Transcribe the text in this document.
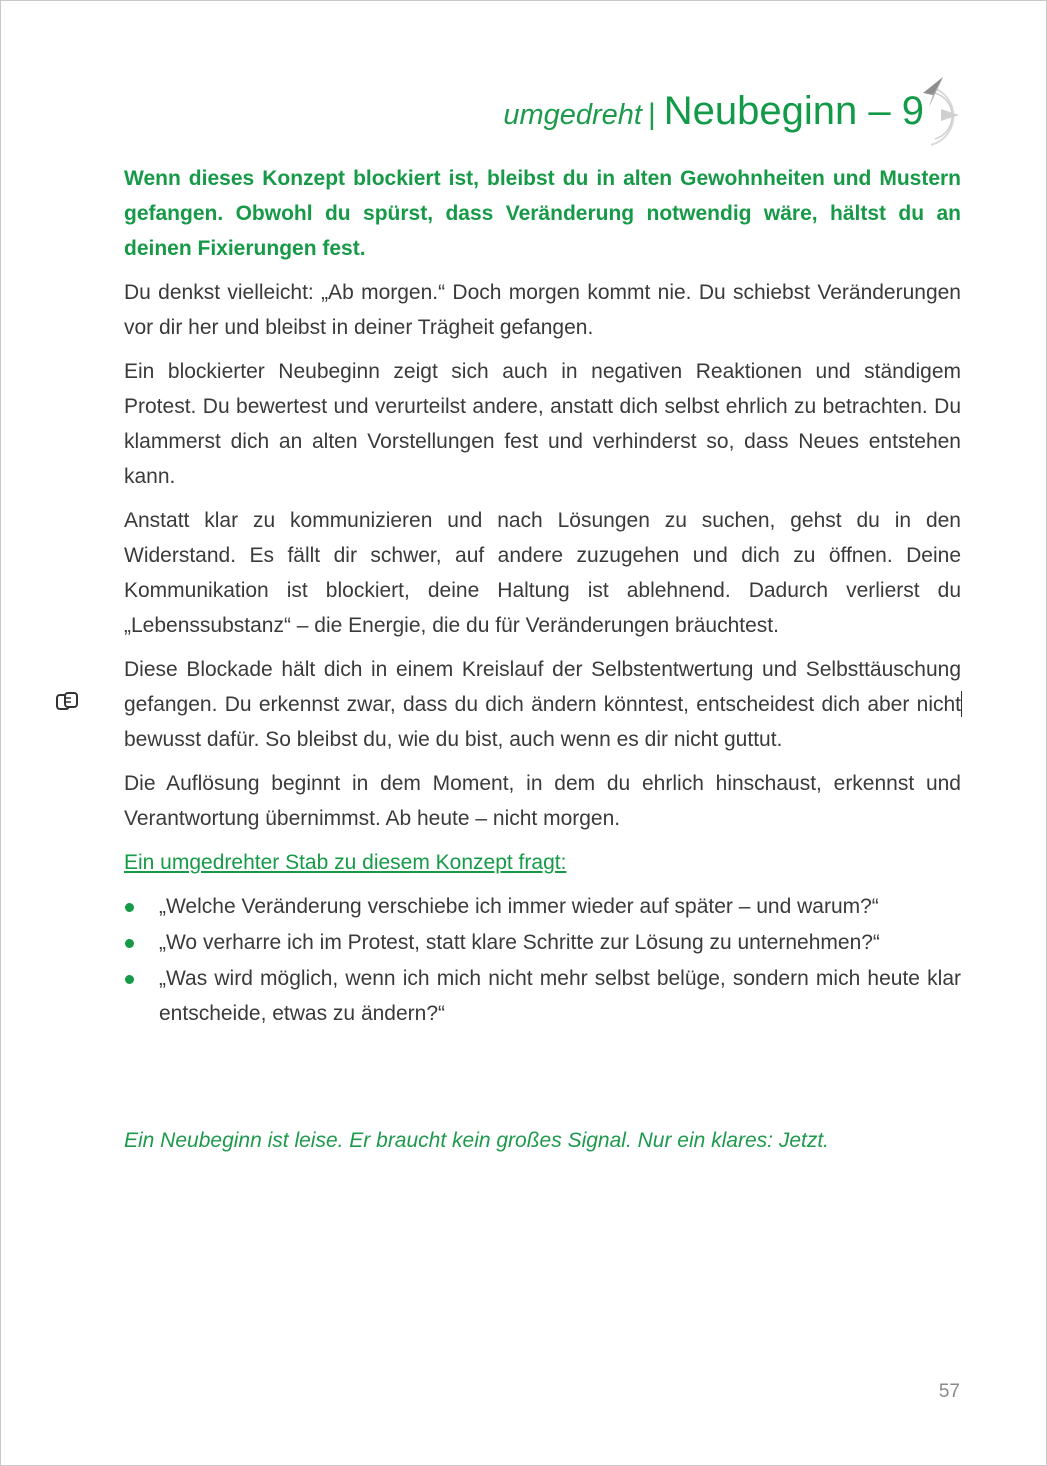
umgedreht | Neubeginn – 9

Wenn dieses Konzept blockiert ist, bleibst du in alten Gewohnheiten und Mustern gefangen. Obwohl du spürst, dass Veränderung notwendig wäre, hältst du an deinen Fixierungen fest.

Du denkst vielleicht: „Ab morgen.“ Doch morgen kommt nie. Du schiebst Veränderungen vor dir her und bleibst in deiner Trägheit gefangen.

Ein blockierter Neubeginn zeigt sich auch in negativen Reaktionen und ständigem Protest. Du bewertest und verurteilst andere, anstatt dich selbst ehrlich zu betrachten. Du klammerst dich an alten Vorstellungen fest und verhinderst so, dass Neues entstehen kann.

Anstatt klar zu kommunizieren und nach Lösungen zu suchen, gehst du in den Widerstand. Es fällt dir schwer, auf andere zuzugehen und dich zu öffnen. Deine Kommunikation ist blockiert, deine Haltung ist ablehnend. Dadurch verlierst du „Lebenssubstanz“ – die Energie, die du für Veränderungen bräuchtest.

Diese Blockade hält dich in einem Kreislauf der Selbstentwertung und Selbsttäuschung gefangen. Du erkennst zwar, dass du dich ändern könntest, entscheidest dich aber nicht bewusst dafür. So bleibst du, wie du bist, auch wenn es dir nicht guttut.

Die Auflösung beginnt in dem Moment, in dem du ehrlich hinschaust, erkennst und Verantwortung übernimmst. Ab heute – nicht morgen.

Ein umgedrehter Stab zu diesem Konzept fragt:

„Welche Veränderung verschiebe ich immer wieder auf später – und warum?“
„Wo verharre ich im Protest, statt klare Schritte zur Lösung zu unternehmen?“
„Was wird möglich, wenn ich mich nicht mehr selbst belüge, sondern mich heute klar entscheide, etwas zu ändern?“
Ein Neubeginn ist leise. Er braucht kein großes Signal. Nur ein klares: Jetzt.
57
